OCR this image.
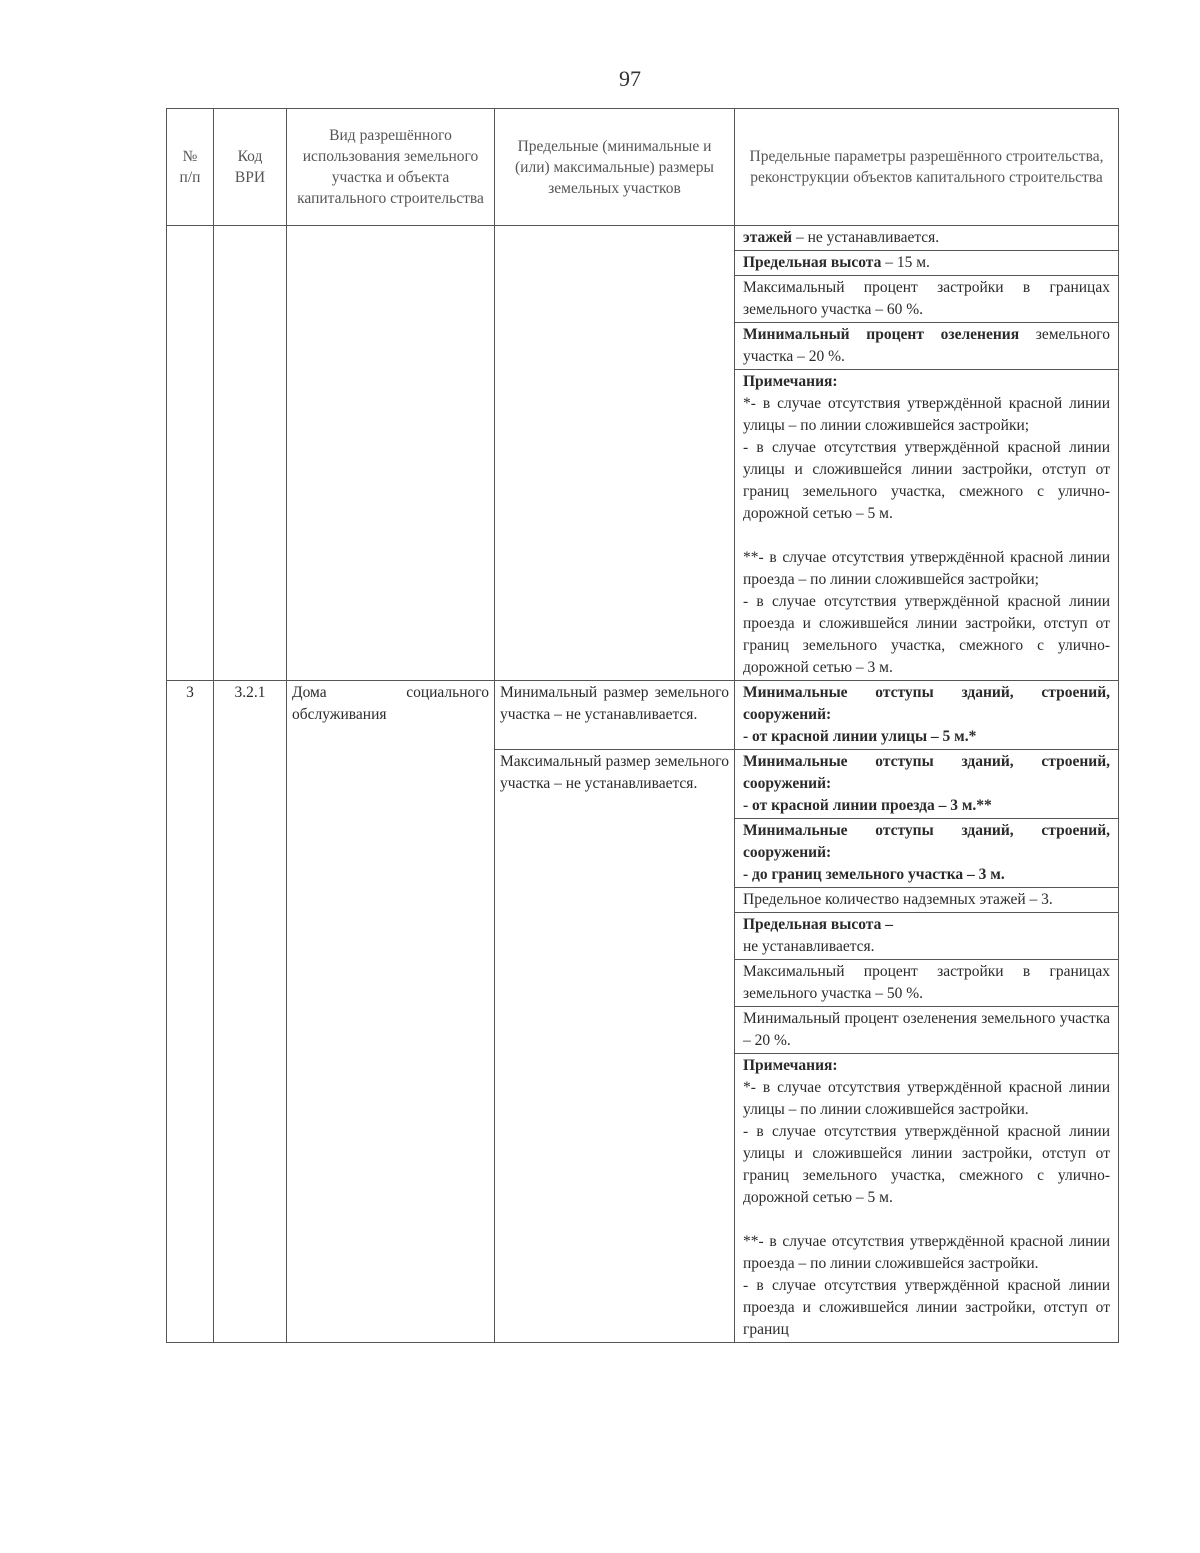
97
№ п/п	Код ВРИ	Вид разрешённого использования земельного участка и объекта капитального строительства	Предельные (минимальные и (или) максимальные) размеры земельных участков	Предельные параметры разрешённого строительства, реконструкции объектов капитального строительства
				этажей – не устанавливается.
				Предельная высота – 15 м.
				Максимальный процент застройки в границах земельного участка – 60 %.
				Минимальный процент озеленения земельного участка – 20 %.

				Примечания:
*- в случае отсутствия утверждённой красной линии улицы – по линии сложившейся застройки;
- в случае отсутствия утверждённой красной линии улицы и сложившейся линии застройки, отступ от границ земельного участка, смежного с улично-дорожной сетью – 5 м.
**- в случае отсутствия утверждённой красной линии проезда – по линии сложившейся застройки;
- в случае отсутствия утверждённой красной линии проезда и сложившейся линии застройки, отступ от границ земельного участка, смежного с улично-дорожной сетью – 3 м.

3	3.2.1	Дома социального обслуживания	Минимальный размер земельного участка – не устанавливается.	Минимальные отступы зданий, строений, сооружений:
- от красной линии улицы – 5 м.*

			Максимальный размер земельного участка – не устанавливается.	Минимальные отступы зданий, строений, сооружений:
- от красной линии проезда – 3 м.**

				Минимальные отступы зданий, строений, сооружений:
- до границ земельного участка – 3 м.

				Предельное количество надземных этажей – 3.
				Предельная высота –
не устанавливается.

				Максимальный процент застройки в границах земельного участка – 50 %.
				Минимальный процент озеленения земельного участка – 20 %.

				Примечания:
*- в случае отсутствия утверждённой красной линии улицы – по линии сложившейся застройки.
- в случае отсутствия утверждённой красной линии улицы и сложившейся линии застройки, отступ от границ земельного участка, смежного с улично-дорожной сетью – 5 м.
**- в случае отсутствия утверждённой красной линии проезда – по линии сложившейся застройки.
- в случае отсутствия утверждённой красной линии проезда и сложившейся линии застройки, отступ от границ
